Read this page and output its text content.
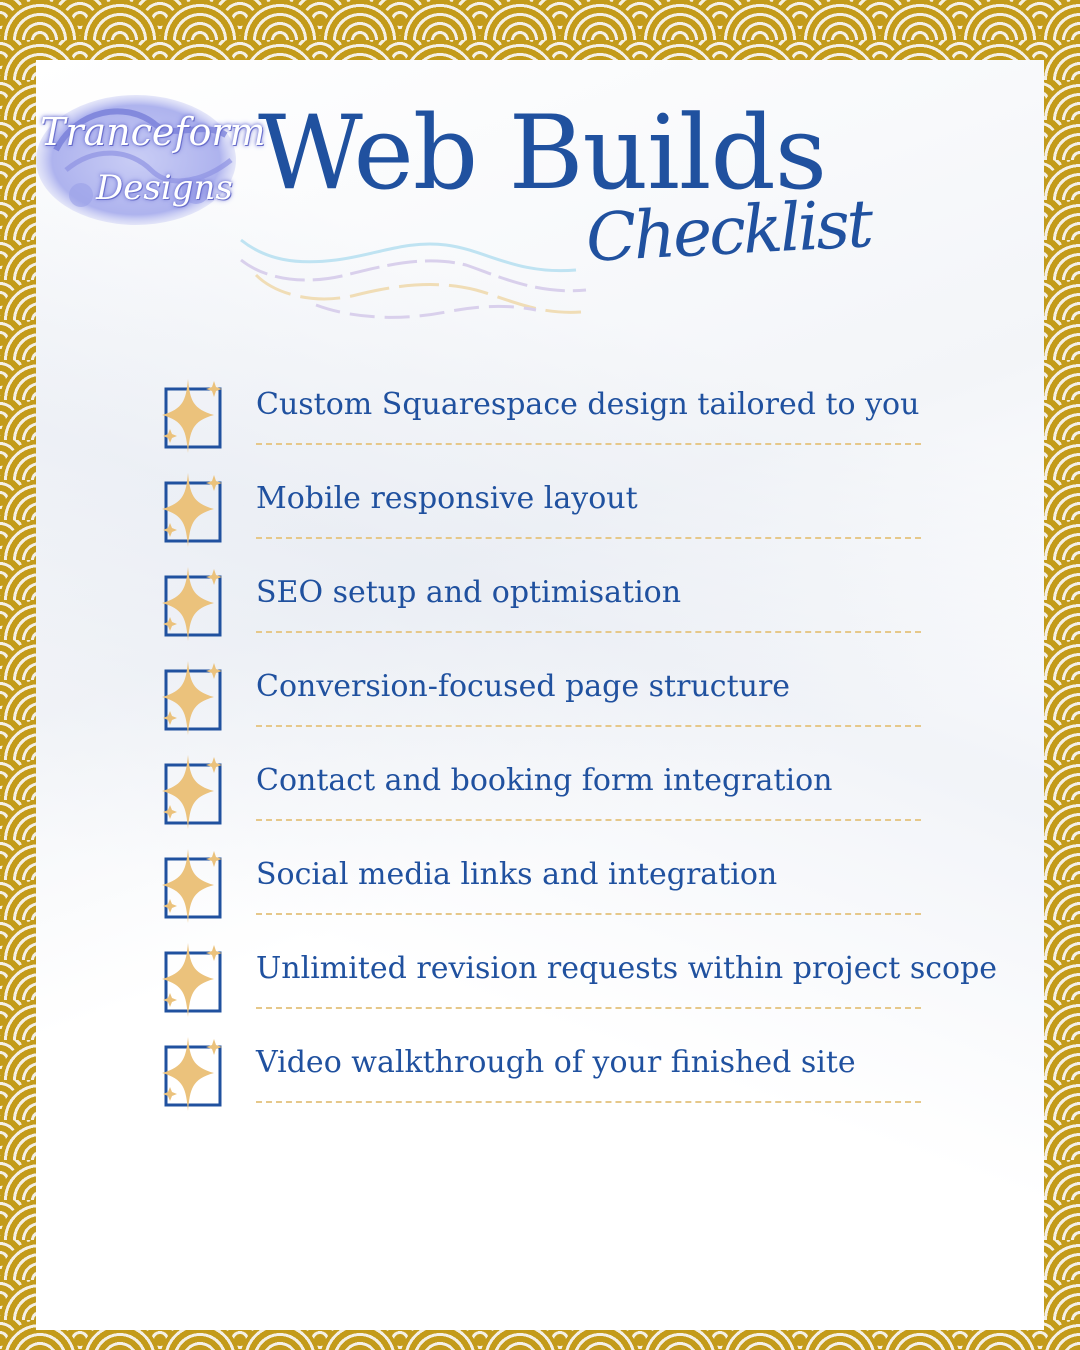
Tranceform
Designs Web Builds
Checklist
Custom Squarespace design tailored to you
Mobile responsive layout
SEO setup and optimisation
Conversion-focused page structure
Contact and booking form integration
Social media links and integration
Unlimited revision requests within project scope
Video walkthrough of your finished site
